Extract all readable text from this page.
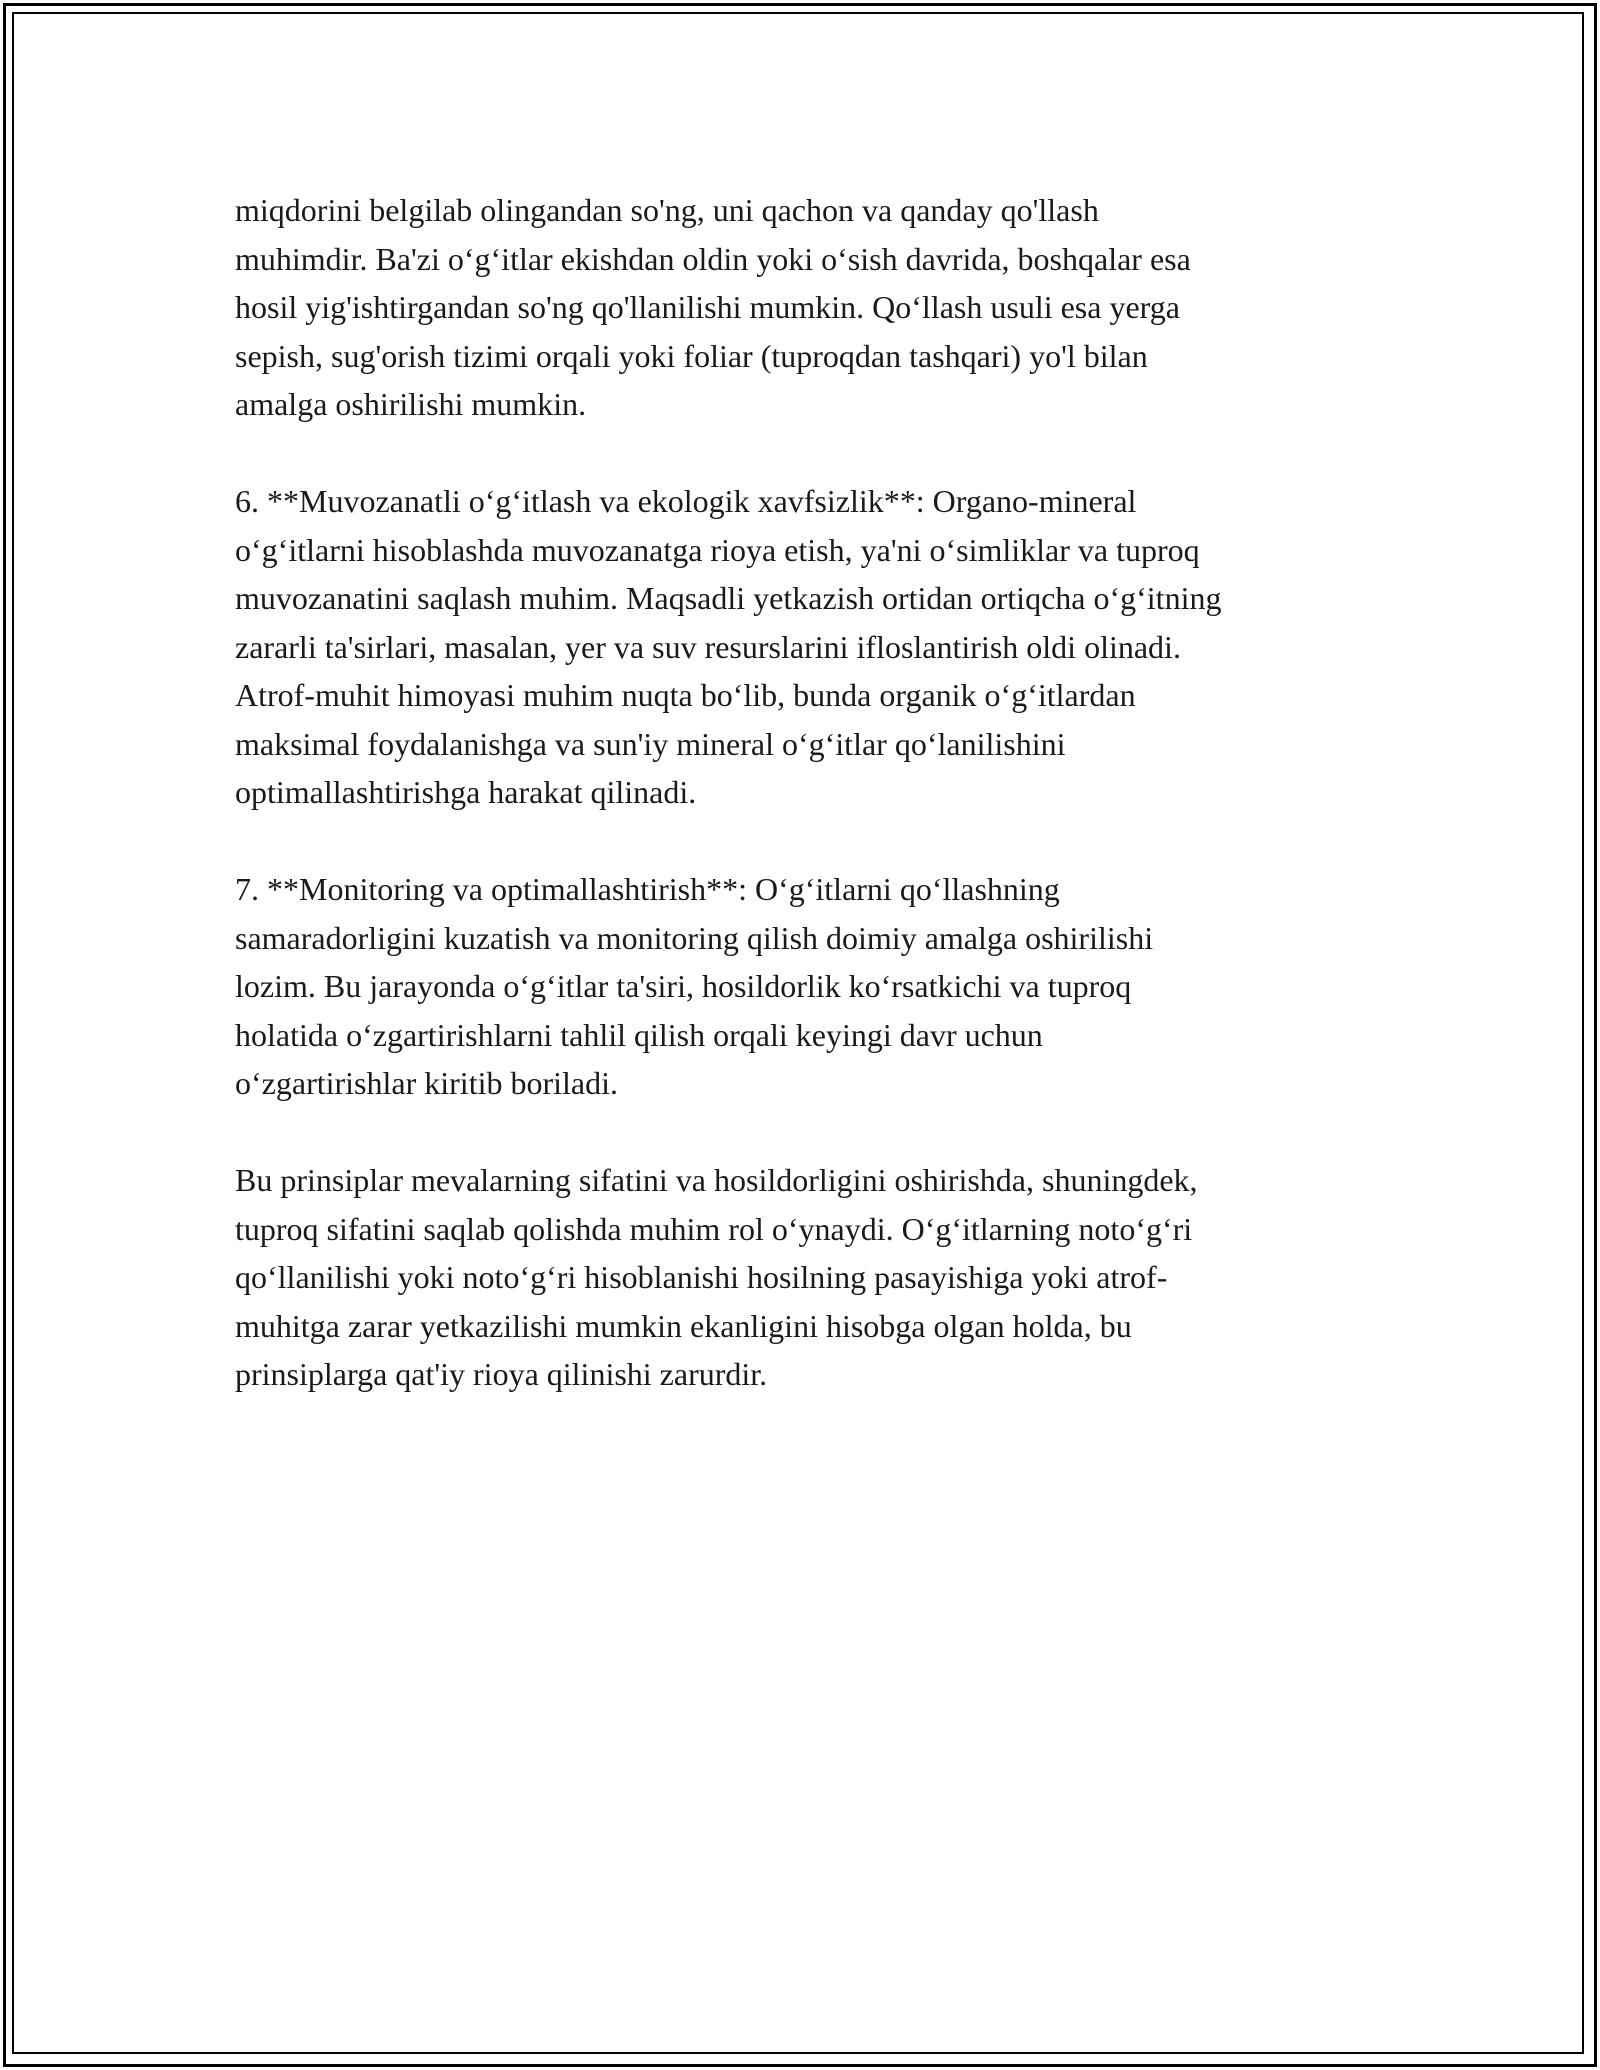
miqdorini belgilab olingandan so'ng, uni qachon va qanday qo'llash
muhimdir. Ba'zi o‘g‘itlar ekishdan oldin yoki o‘sish davrida, boshqalar esa
hosil yig'ishtirgandan so'ng qo'llanilishi mumkin. Qo‘llash usuli esa yerga
sepish, sug'orish tizimi orqali yoki foliar (tuproqdan tashqari) yo'l bilan
amalga oshirilishi mumkin.

6. **Muvozanatli o‘g‘itlash va ekologik xavfsizlik**: Organo-mineral
o‘g‘itlarni hisoblashda muvozanatga rioya etish, ya'ni o‘simliklar va tuproq
muvozanatini saqlash muhim. Maqsadli yetkazish ortidan ortiqcha o‘g‘itning
zararli ta'sirlari, masalan, yer va suv resurslarini ifloslantirish oldi olinadi.
Atrof-muhit himoyasi muhim nuqta bo‘lib, bunda organik o‘g‘itlardan
maksimal foydalanishga va sun'iy mineral o‘g‘itlar qo‘lanilishini
optimallashtirishga harakat qilinadi.

7. **Monitoring va optimallashtirish**: O‘g‘itlarni qo‘llashning
samaradorligini kuzatish va monitoring qilish doimiy amalga oshirilishi
lozim. Bu jarayonda o‘g‘itlar ta'siri, hosildorlik ko‘rsatkichi va tuproq
holatida o‘zgartirishlarni tahlil qilish orqali keyingi davr uchun
o‘zgartirishlar kiritib boriladi.

Bu prinsiplar mevalarning sifatini va hosildorligini oshirishda, shuningdek,
tuproq sifatini saqlab qolishda muhim rol o‘ynaydi. O‘g‘itlarning noto‘g‘ri
qo‘llanilishi yoki noto‘g‘ri hisoblanishi hosilning pasayishiga yoki atrof-
muhitga zarar yetkazilishi mumkin ekanligini hisobga olgan holda, bu
prinsiplarga qat'iy rioya qilinishi zarurdir.
